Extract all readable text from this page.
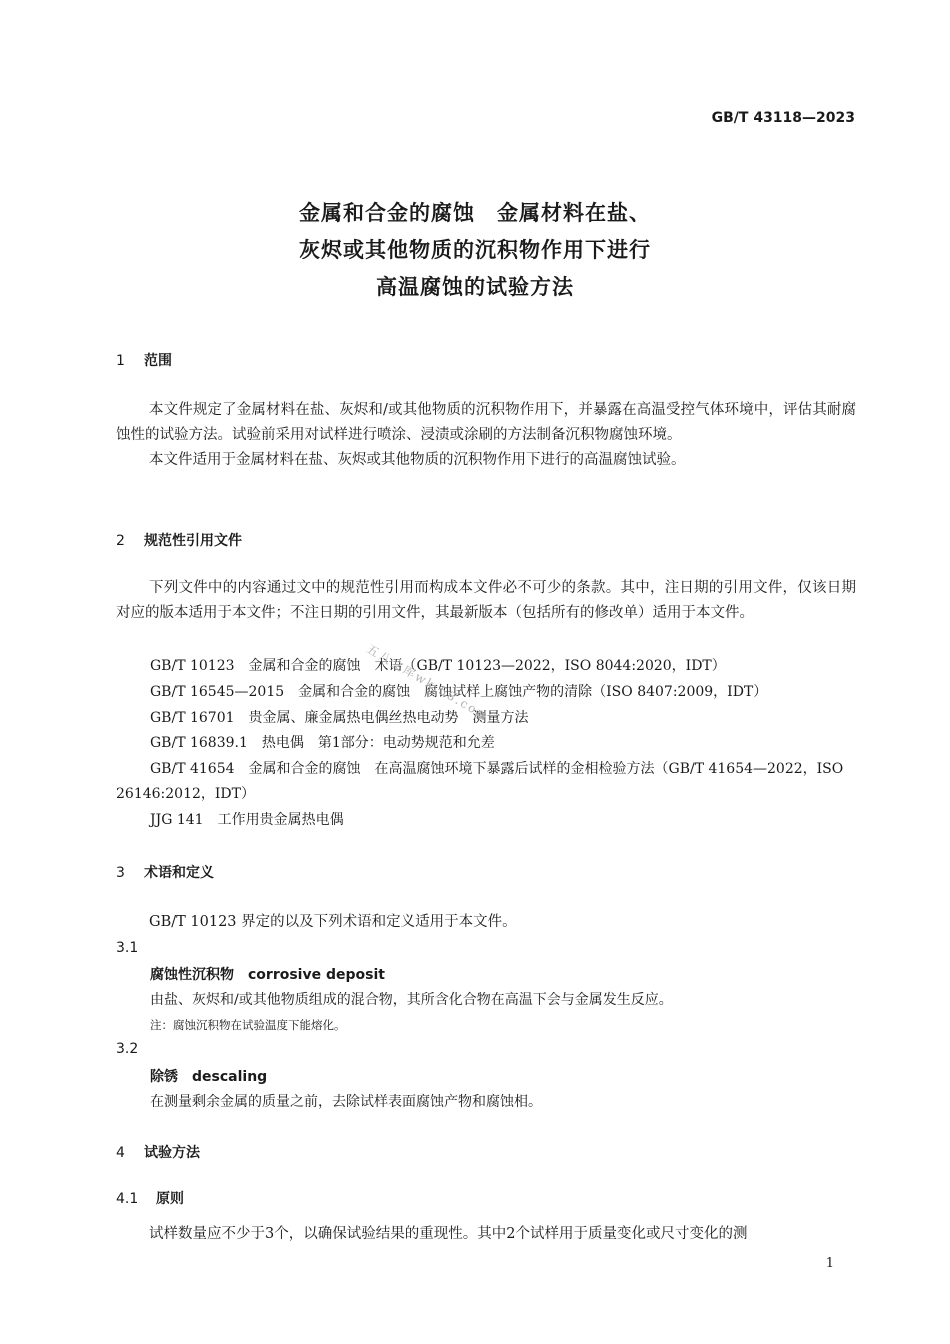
GB/T 43118—2023
金属和合金的腐蚀　金属材料在盐、
灰烬或其他物质的沉积物作用下进行
高温腐蚀的试验方法
1 范围

本文件规定了金属材料在盐、灰烬和/或其他物质的沉积物作用下，并暴露在高温受控气体环境中，评估其耐腐蚀性的试验方法。试验前采用对试样进行喷涂、浸渍或涂刷的方法制备沉积物腐蚀环境。

本文件适用于金属材料在盐、灰烬或其他物质的沉积物作用下进行的高温腐蚀试验。

2 规范性引用文件

下列文件中的内容通过文中的规范性引用而构成本文件必不可少的条款。其中，注日期的引用文件，仅该日期对应的版本适用于本文件；不注日期的引用文件，其最新版本（包括所有的修改单）适用于本文件。

GB/T 10123　金属和合金的腐蚀　术语（GB/T 10123—2022，ISO 8044:2020，IDT）
GB/T 16545—2015　金属和合金的腐蚀　腐蚀试样上腐蚀产物的清除（ISO 8407:2009，IDT）
GB/T 16701　贵金属、廉金属热电偶丝热电动势　测量方法
GB/T 16839.1　热电偶　第1部分：电动势规范和允差
GB/T 41654　金属和合金的腐蚀　在高温腐蚀环境下暴露后试样的金相检验方法（GB/T 41654—2022，ISO 26146:2012，IDT）
JJG 141　工作用贵金属热电偶
3 术语和定义

GB/T 10123 界定的以及下列术语和定义适用于本文件。

3.1
腐蚀性沉积物　 corrosive deposit
由盐、灰烬和/或其他物质组成的混合物，其所含化合物在高温下会与金属发生反应。
注：腐蚀沉积物在试验温度下能熔化。
3.2
除锈　 descaling
在测量剩余金属的质量之前，去除试样表面腐蚀产物和腐蚀相。
4 试验方法
4.1 原则

试样数量应不少于3个，以确保试验结果的重现性。其中2个试样用于质量变化或尺寸变化的测

五八文库wk.58.com
1
